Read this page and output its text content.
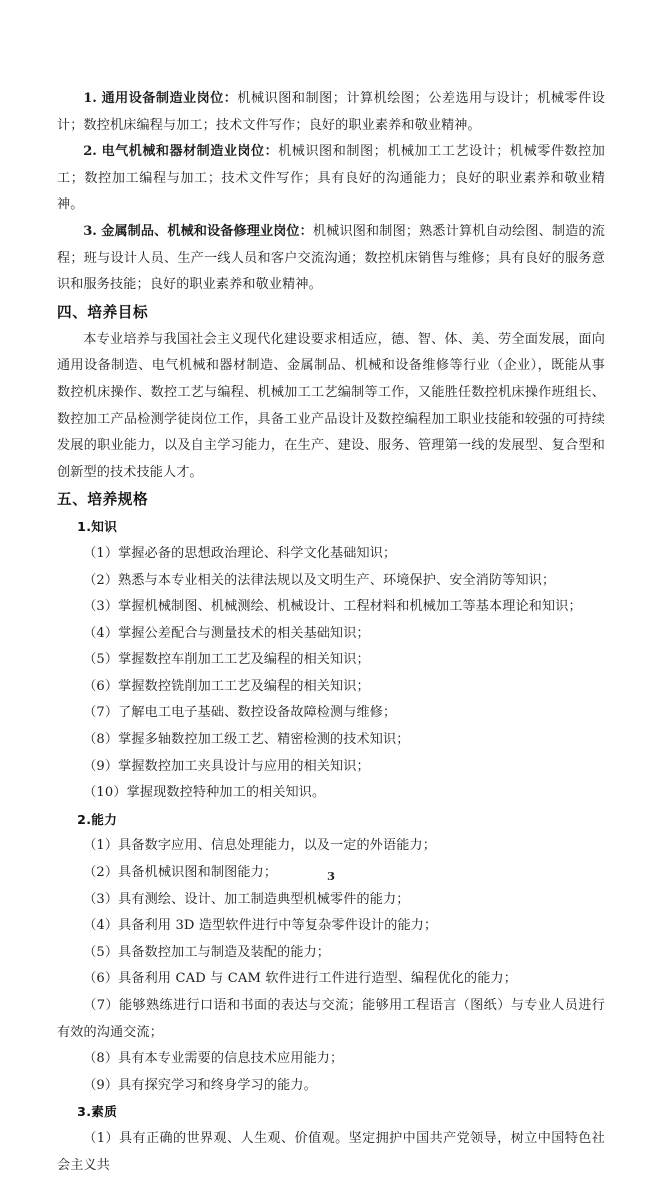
1. 通用设备制造业岗位：机械识图和制图；计算机绘图；公差选用与设计；机械零件设计；数控机床编程与加工；技术文件写作；良好的职业素养和敬业精神。

2. 电气机械和器材制造业岗位：机械识图和制图；机械加工工艺设计；机械零件数控加工；数控加工编程与加工；技术文件写作；具有良好的沟通能力；良好的职业素养和敬业精神。

3. 金属制品、机械和设备修理业岗位：机械识图和制图；熟悉计算机自动绘图、制造的流程；班与设计人员、生产一线人员和客户交流沟通；数控机床销售与维修；具有良好的服务意识和服务技能；良好的职业素养和敬业精神。

四、培养目标

本专业培养与我国社会主义现代化建设要求相适应，德、智、体、美、劳全面发展，面向通用设备制造、电气机械和器材制造、金属制品、机械和设备维修等行业（企业），既能从事数控机床操作、数控工艺与编程、机械加工工艺编制等工作，又能胜任数控机床操作班组长、数控加工产品检测学徒岗位工作，具备工业产品设计及数控编程加工职业技能和较强的可持续发展的职业能力，以及自主学习能力，在生产、建设、服务、管理第一线的发展型、复合型和创新型的技术技能人才。

五、培养规格
1.知识

（1）掌握必备的思想政治理论、科学文化基础知识；

（2）熟悉与本专业相关的法律法规以及文明生产、环境保护、安全消防等知识；

（3）掌握机械制图、机械测绘、机械设计、工程材料和机械加工等基本理论和知识；

（4）掌握公差配合与测量技术的相关基础知识；

（5）掌握数控车削加工工艺及编程的相关知识；

（6）掌握数控铣削加工工艺及编程的相关知识；

（7）了解电工电子基础、数控设备故障检测与维修；

（8）掌握多轴数控加工级工艺、精密检测的技术知识；

（9）掌握数控加工夹具设计与应用的相关知识；

（10）掌握现数控特种加工的相关知识。

2.能力

（1）具备数字应用、信息处理能力，以及一定的外语能力；

（2）具备机械识图和制图能力；

（3）具有测绘、设计、加工制造典型机械零件的能力；

（4）具备利用 3D 造型软件进行中等复杂零件设计的能力；

（5）具备数控加工与制造及装配的能力；

（6）具备利用 CAD 与 CAM 软件进行工件进行造型、编程优化的能力；

（7）能够熟练进行口语和书面的表达与交流；能够用工程语言（图纸）与专业人员进行有效的沟通交流；

（8）具有本专业需要的信息技术应用能力；

（9）具有探究学习和终身学习的能力。

3.素质

（1）具有正确的世界观、人生观、价值观。坚定拥护中国共产党领导，树立中国特色社会主义共

3
